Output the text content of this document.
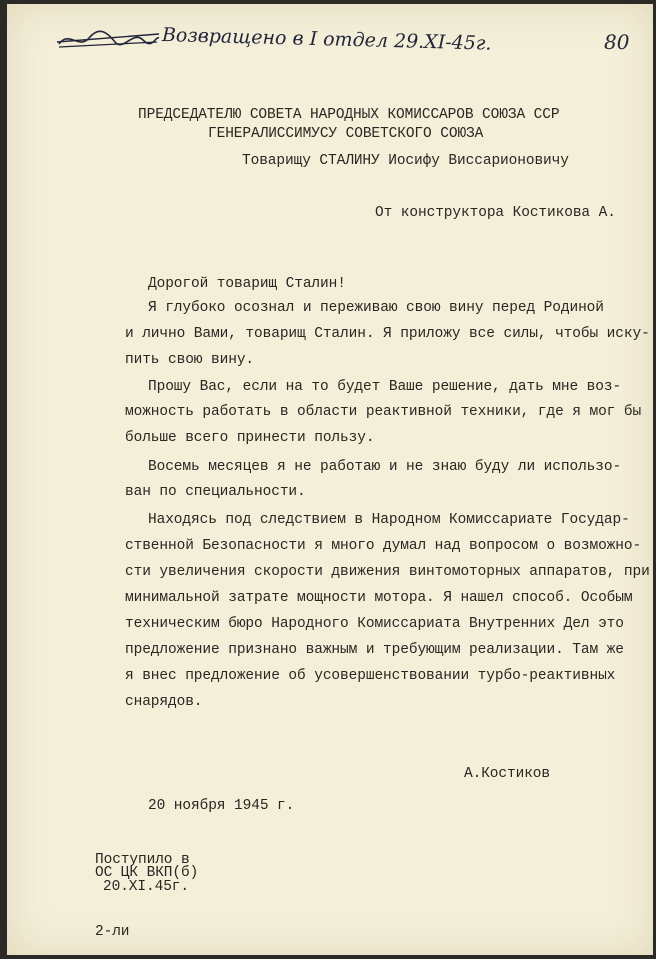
Возвращено в I отдел 29.XI-45г.	80
ПРЕДСЕДАТЕЛЮ СОВЕТА НАРОДНЫХ КОМИССАРОВ СОЮЗА ССР
ГЕНЕРАЛИССИМУСУ СОВЕТСКОГО СОЮЗА
Товарищу СТАЛИНУ Иосифу Виссарионовичу
От конструктора Костикова А.
Дорогой товарищ Сталин!
Я глубоко осознал и переживаю свою вину перед Родиной
и лично Вами, товарищ Сталин. Я приложу все силы, чтобы иску-
пить свою вину.
Прошу Вас, если на то будет Ваше решение, дать мне воз-
можность работать в области реактивной техники, где я мог бы
больше всего принести пользу.
Восемь месяцев я не работаю и не знаю буду ли использо-
ван по специальности.
Находясь под следствием в Народном Комиссариате Государ-
ственной Безопасности я много думал над вопросом о возможно-
сти увеличения скорости движения винтомоторных аппаратов, при
минимальной затрате мощности мотора. Я нашел способ. Особым
техническим бюро Народного Комиссариата Внутренних Дел это
предложение признано важным и требующим реализации. Там же
я внес предложение об усовершенствовании турбо-реактивных
снарядов.
А.Костиков
20 ноября 1945 г.
Поступило в
ОС ЦК ВКП(б)
20.XI.45г.
2-ли
